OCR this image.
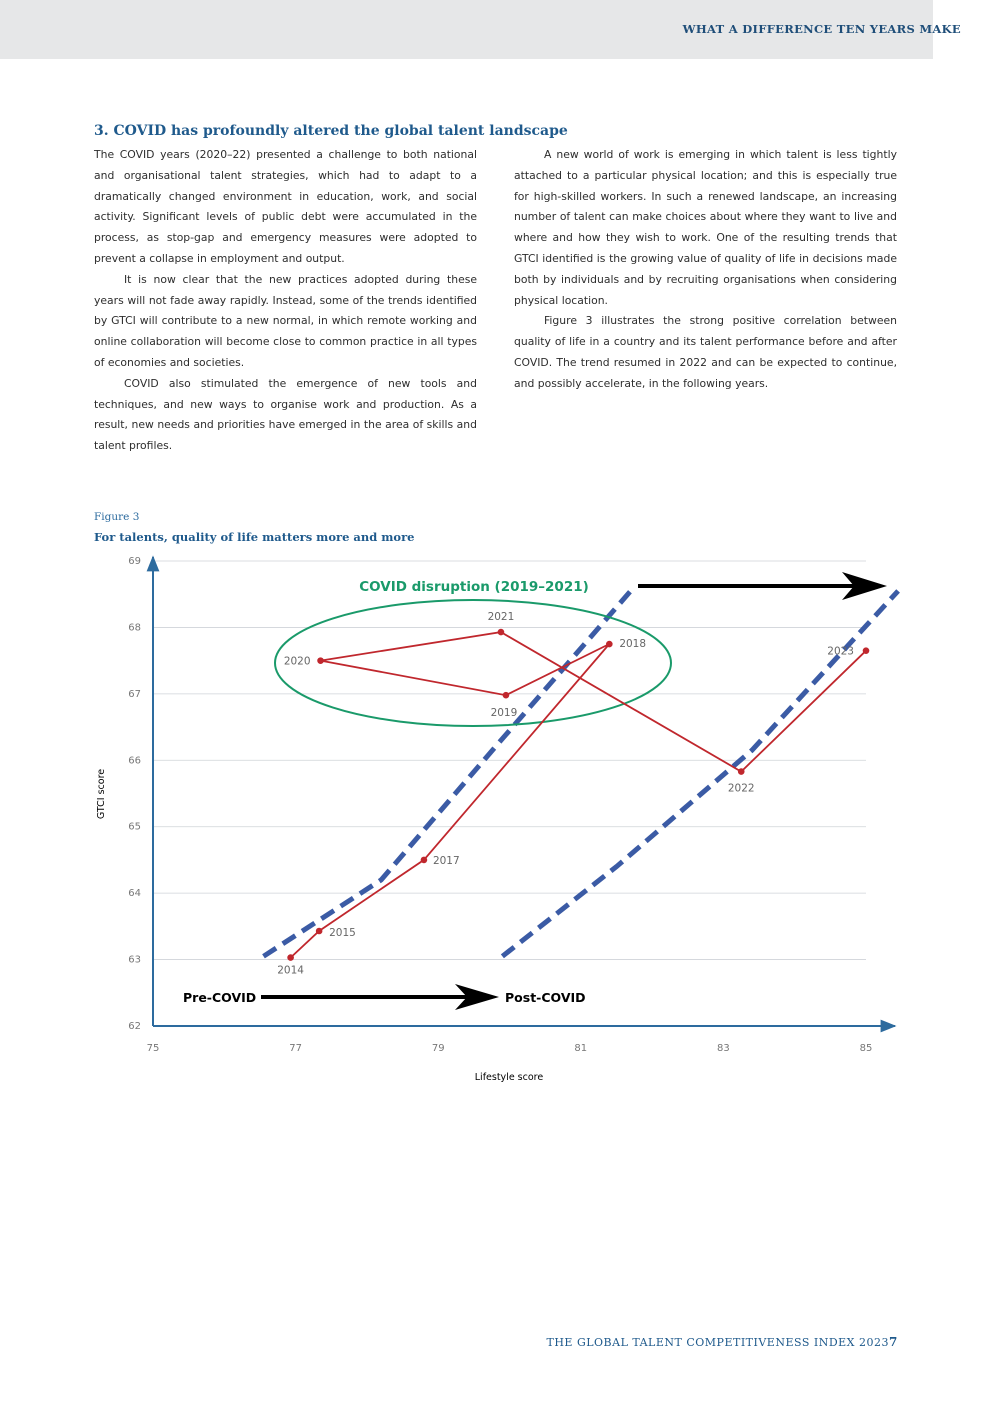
WHAT A DIFFERENCE TEN YEARS MAKE
3. COVID has profoundly altered the global talent landscape

The COVID years (2020–22) presented a challenge to both national and organisational talent strategies, which had to adapt to a dramatically changed environment in education, work, and social activity. Significant levels of public debt were accumulated in the process, as stop-gap and emergency measures were adopted to prevent a collapse in employment and output.

It is now clear that the new practices adopted during these years will not fade away rapidly. Instead, some of the trends identified by GTCI will contribute to a new normal, in which remote working and online collaboration will become close to common practice in all types of economies and societies.

COVID also stimulated the emergence of new tools and techniques, and new ways to organise work and production. As a result, new needs and priorities have emerged in the area of skills and talent profiles.

A new world of work is emerging in which talent is less tightly attached to a particular physical location; and this is especially true for high-skilled workers. In such a renewed landscape, an increasing number of talent can make choices about where they want to live and where and how they wish to work. One of the resulting trends that GTCI identified is the growing value of quality of life in decisions made both by individuals and by recruiting organisations when considering physical location.

Figure 3 illustrates the strong positive correlation between quality of life in a country and its talent performance before and after COVID. The trend resumed in 2022 and can be expected to continue, and possibly accelerate, in the following years.

Figure 3
For talents, quality of life matters more and more
62
63
64
65
66
67
68
69
75	77	79	81	83	85
COVID disruption (2019–2021)
Pre-COVID	Post-COVID
2014
2015
2017
2018
2019
2020
2021
2022
2023
Lifestyle score
GTCI score
THE GLOBAL TALENT COMPETITIVENESS INDEX 2023 7
